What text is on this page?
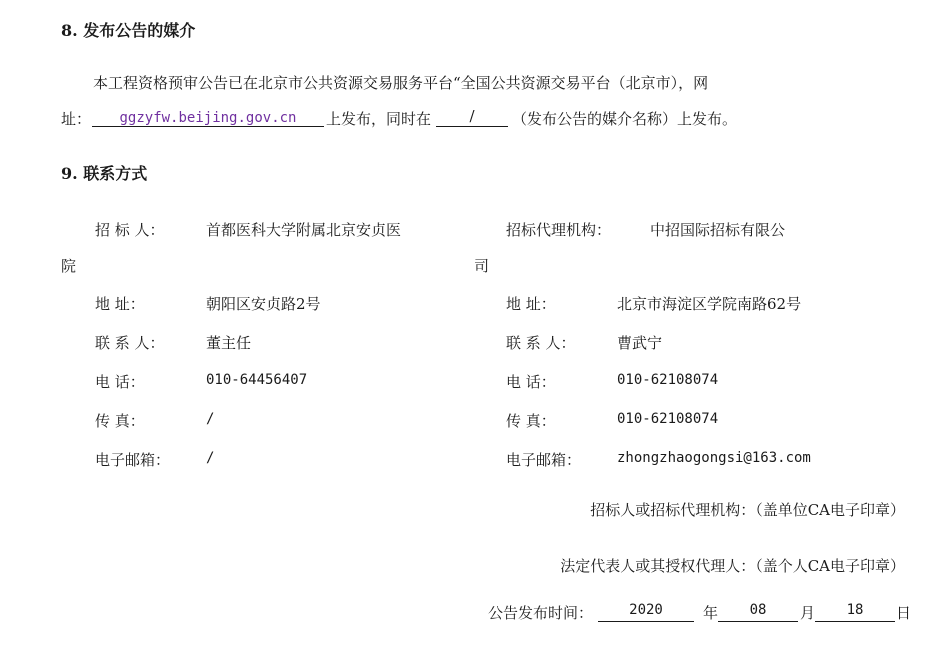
8. 发布公告的媒介
本工程资格预审公告已在北京市公共资源交易服务平台“全国公共资源交易平台（北京市），网
址：	ggzyfw.beijing.gov.cn	上发布，同时在	/	（发布公告的媒介名称）上发布。
9. 联系方式
招 标 人：	首都医科大学附属北京安贞医
院
地 址：	朝阳区安贞路2号
联 系 人：	董主任
电 话：	010-64456407
传 真：	/
电子邮箱：	/
招标代理机构：	中招国际招标有限公
司
地 址：	北京市海淀区学院南路62号
联 系 人：	曹武宁
电 话：	010-62108074
传 真：	010-62108074
电子邮箱：	zhongzhaogongsi@163.com
招标人或招标代理机构：（盖单位CA电子印章）
法定代表人或其授权代理人：（盖个人CA电子印章）
公告发布时间：	2020	年	08	月	18	日
